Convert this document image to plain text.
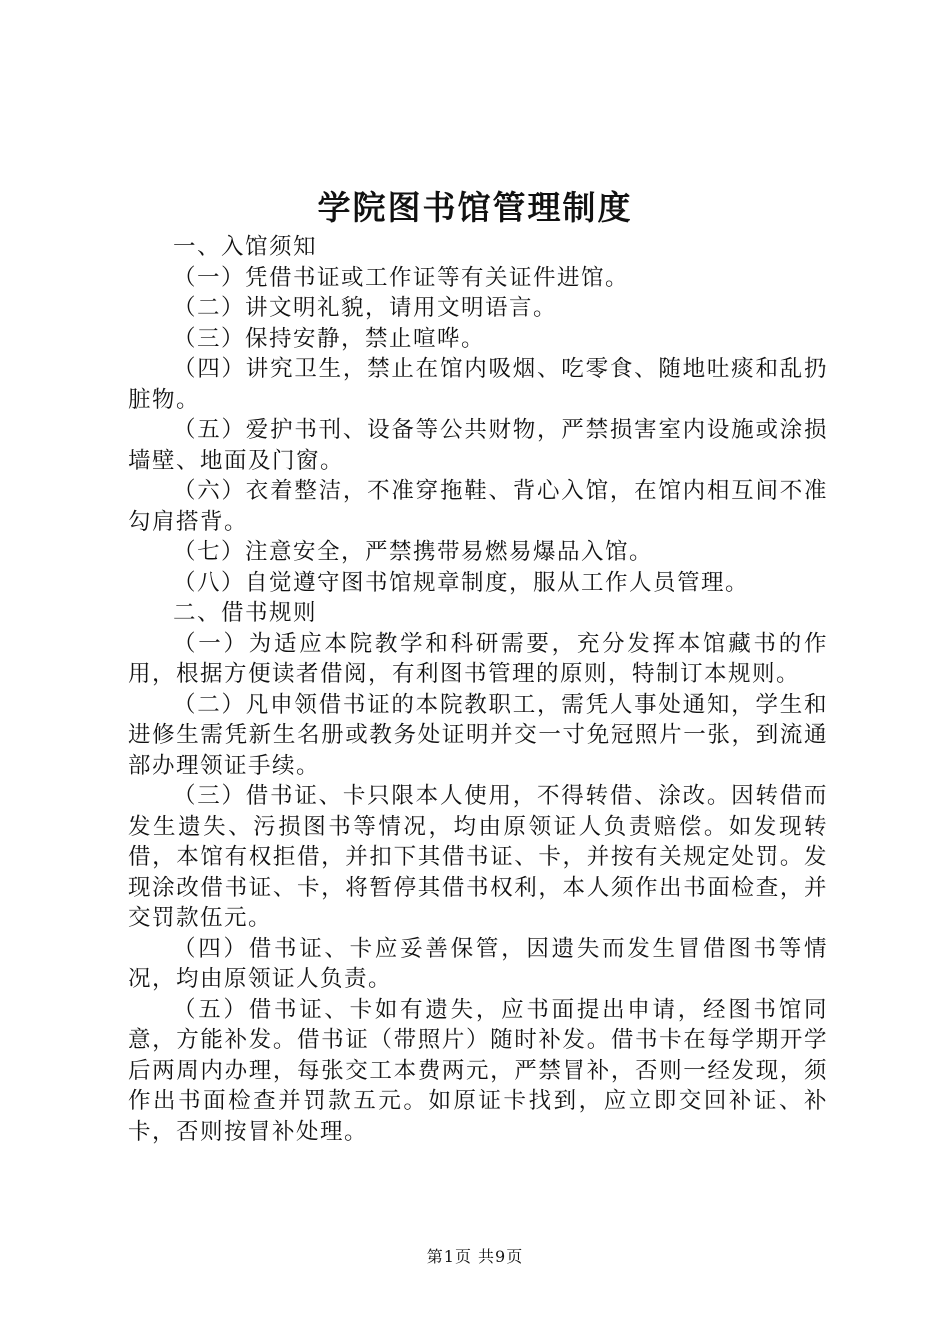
学院图书馆管理制度

一、入馆须知

（一）凭借书证或工作证等有关证件进馆。

（二）讲文明礼貌，请用文明语言。

（三）保持安静，禁止喧哗。

（四）讲究卫生，禁止在馆内吸烟、吃零食、随地吐痰和乱扔脏物。

（五）爱护书刊、设备等公共财物，严禁损害室内设施或涂损墙壁、地面及门窗。

（六）衣着整洁，不准穿拖鞋、背心入馆，在馆内相互间不准勾肩搭背。

（七）注意安全，严禁携带易燃易爆品入馆。

（八）自觉遵守图书馆规章制度，服从工作人员管理。

二、借书规则

（一）为适应本院教学和科研需要，充分发挥本馆藏书的作用，根据方便读者借阅，有利图书管理的原则，特制订本规则。

（二）凡申领借书证的本院教职工，需凭人事处通知，学生和进修生需凭新生名册或教务处证明并交一寸免冠照片一张，到流通部办理领证手续。

（三）借书证、卡只限本人使用，不得转借、涂改。因转借而发生遗失、污损图书等情况，均由原领证人负责赔偿。如发现转借，本馆有权拒借，并扣下其借书证、卡，并按有关规定处罚。发现涂改借书证、卡，将暂停其借书权利，本人须作出书面检查，并交罚款伍元。

（四）借书证、卡应妥善保管，因遗失而发生冒借图书等情况，均由原领证人负责。

（五）借书证、卡如有遗失，应书面提出申请，经图书馆同意，方能补发。借书证（带照片）随时补发。借书卡在每学期开学后两周内办理，每张交工本费两元，严禁冒补，否则一经发现，须作出书面检查并罚款五元。如原证卡找到，应立即交回补证、补卡，否则按冒补处理。

第1页 共9页
